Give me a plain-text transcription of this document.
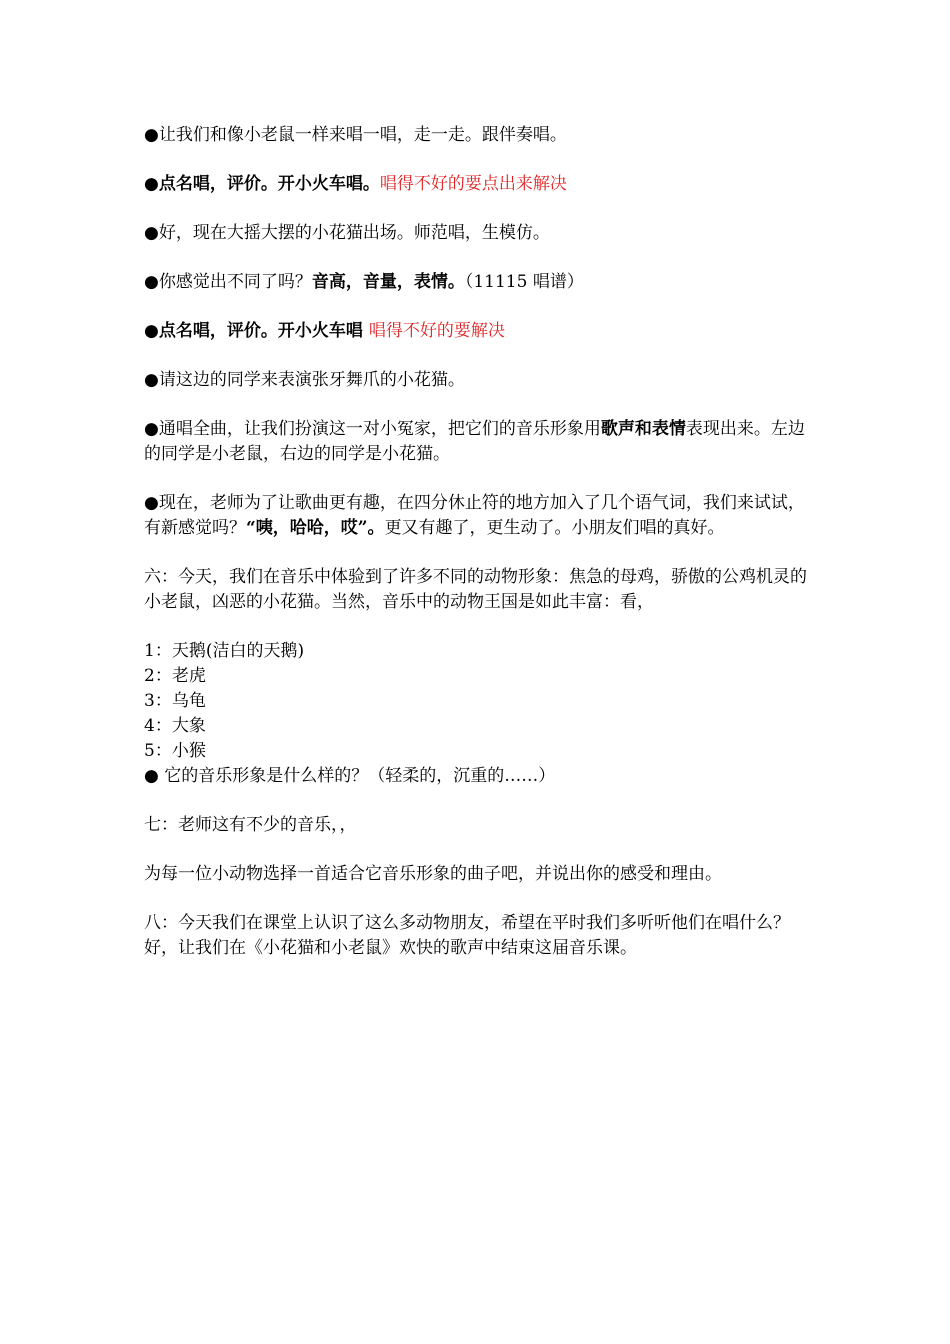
●让我们和像小老鼠一样来唱一唱，走一走。跟伴奏唱。

●点名唱，评价。开小火车唱。唱得不好的要点出来解决

●好，现在大摇大摆的小花猫出场。师范唱，生模仿。

●你感觉出不同了吗？音高，音量，表情。（11115 唱谱）

●点名唱，评价。开小火车唱 唱得不好的要解决

●请这边的同学来表演张牙舞爪的小花猫。

●通唱全曲，让我们扮演这一对小冤家，把它们的音乐形象用歌声和表情表现出来。左边的同学是小老鼠，右边的同学是小花猫。

●现在，老师为了让歌曲更有趣，在四分休止符的地方加入了几个语气词，我们来试试，有新感觉吗？“咦，哈哈，哎”。更又有趣了，更生动了。小朋友们唱的真好。

六：今天，我们在音乐中体验到了许多不同的动物形象：焦急的母鸡，骄傲的公鸡机灵的小老鼠，凶恶的小花猫。当然，音乐中的动物王国是如此丰富：看，

1：天鹅(洁白的天鹅)
2：老虎
3：乌龟
4：大象
5：小猴
● 它的音乐形象是什么样的？（轻柔的，沉重的……）

七：老师这有不少的音乐，，

为每一位小动物选择一首适合它音乐形象的曲子吧，并说出你的感受和理由。

八：今天我们在课堂上认识了这么多动物朋友，希望在平时我们多听听他们在唱什么？好，让我们在《小花猫和小老鼠》欢快的歌声中结束这届音乐课。
